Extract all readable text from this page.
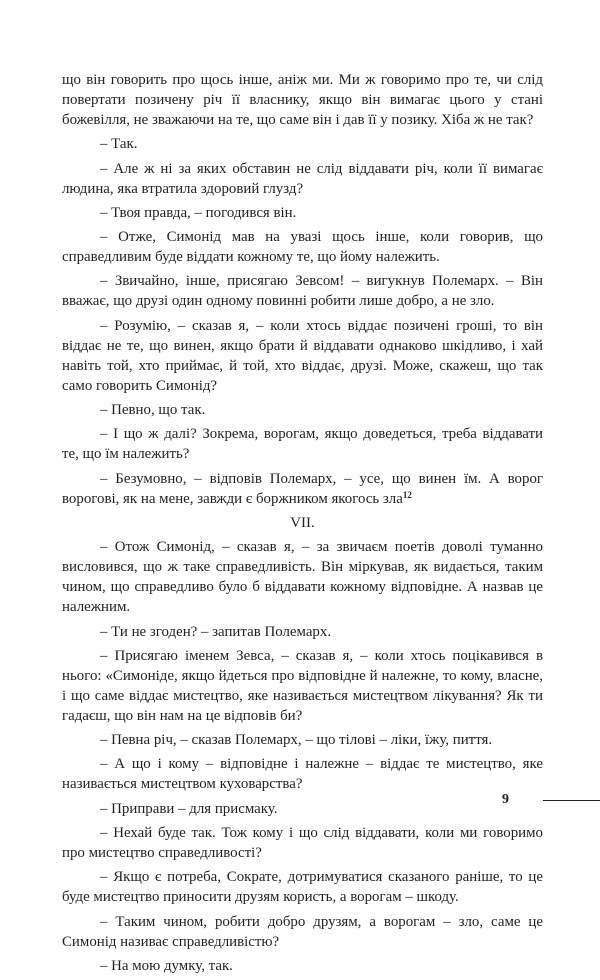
що він говорить про щось інше, аніж ми. Ми ж говоримо про те, чи слід повертати позичену річ її власнику, якщо він вимагає цього у стані божевілля, не зважаючи на те, що саме він і дав її у позику. Хіба ж не так?

– Так.

– Але ж ні за яких обставин не слід віддавати річ, коли її вимагає людина, яка втратила здоровий глузд?

– Твоя правда, – погодився він.

– Отже, Симонід мав на увазі щось інше, коли говорив, що справедливим буде віддати кожному те, що йому належить.

– Звичайно, інше, присягаю Зевсом! – вигукнув Полемарх. – Він вважає, що друзі один одному повинні робити лише добро, а не зло.

– Розумію, – сказав я, – коли хтось віддає позичені гроші, то він віддає не те, що винен, якщо брати й віддавати однаково шкідливо, і хай навіть той, хто приймає, й той, хто віддає, друзі. Може, скажеш, що так само говорить Симонід?

– Певно, що так.

– І що ж далі? Зокрема, ворогам, якщо доведеться, треба віддавати те, що їм належить?

– Безумовно, – відповів Полемарх, – усе, що винен їм. А ворог ворогові, як на мене, завжди є боржником якогось зла$^{12}$

VII.

– Отож Симонід, – сказав я, – за звичаєм поетів доволі туманно висловився, що ж таке справедливість. Він міркував, як видається, таким чином, що справедливо було б віддавати кожному відповідне. А назвав це належним.

– Ти не згоден? – запитав Полемарх.

– Присягаю іменем Зевса, – сказав я, – коли хтось поцікавився в нього: «Симоніде, якщо йдеться про відповідне й належне, то кому, власне, і що саме віддає мистецтво, яке називається мистецтвом лікування? Як ти гадаєш, що він нам на це відповів би?

– Певна річ, – сказав Полемарх, – що тілові – ліки, їжу, пиття.

– А що і кому – відповідне і належне – віддає те мистецтво, яке називається мистецтвом куховарства?

– Приправи – для присмаку.

– Нехай буде так. Тож кому і що слід віддавати, коли ми говоримо про мистецтво справедливості?

– Якщо є потреба, Сократе, дотримуватися сказаного раніше, то це буде мистецтво приносити друзям користь, а ворогам – шкоду.

– Таким чином, робити добро друзям, а ворогам – зло, саме це Симонід називає справедливістю?

– На мою думку, так.

9
